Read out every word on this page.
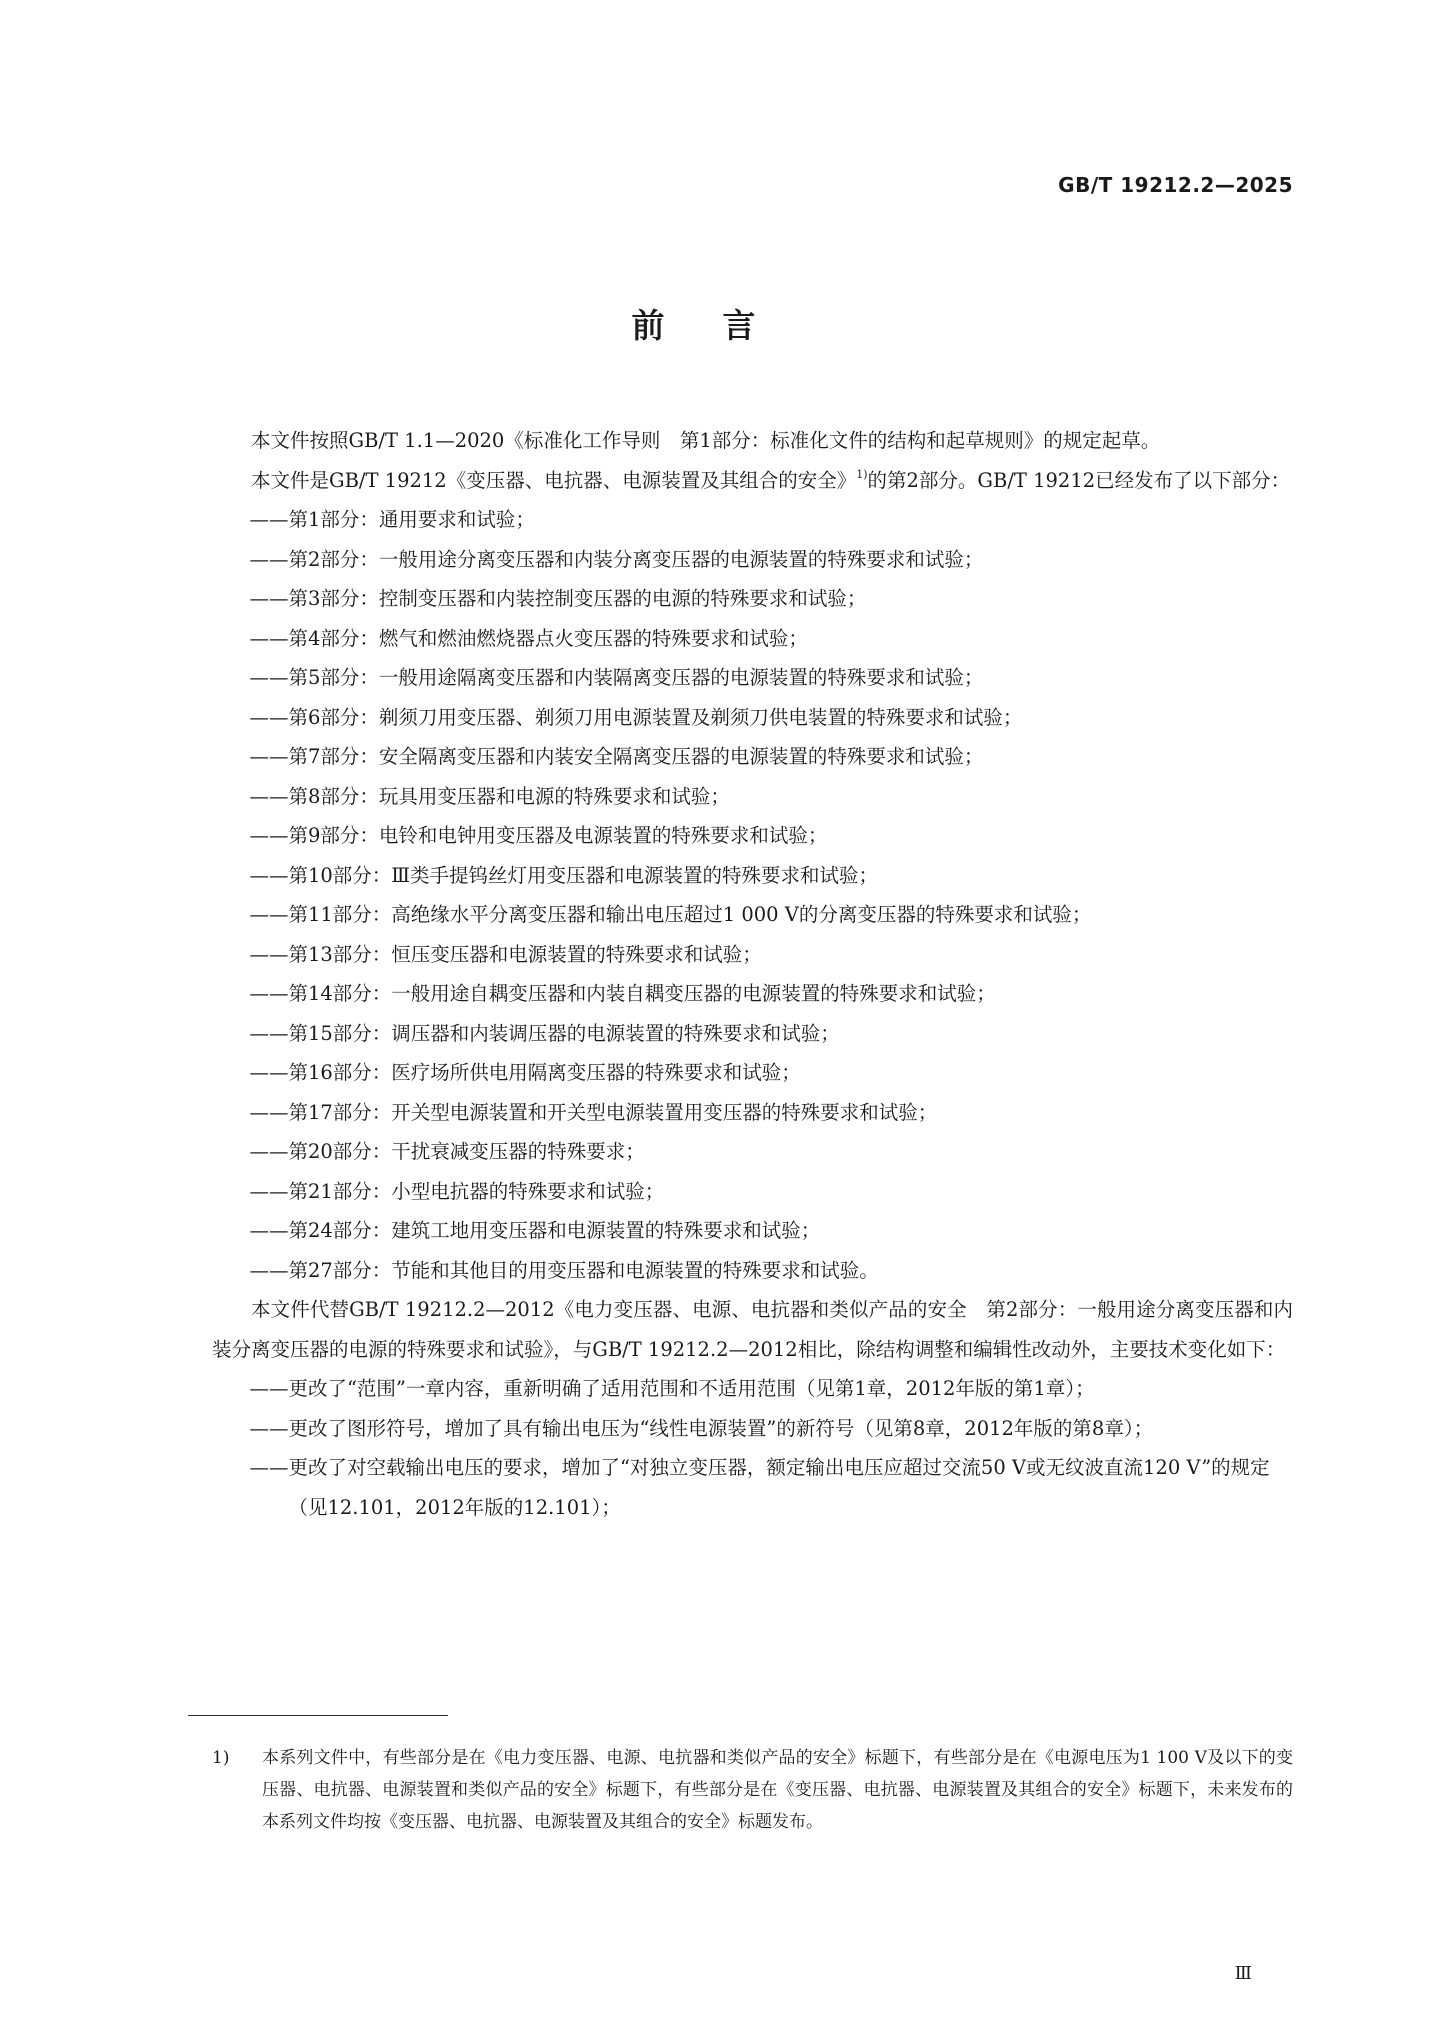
GB/T 19212.2—2025
前言

本文件按照GB/T 1.1—2020《标准化工作导则　第1部分：标准化文件的结构和起草规则》的规定起草。

本文件是GB/T 19212《变压器、电抗器、电源装置及其组合的安全》$^{1)}$的第2部分。GB/T 19212已经发布了以下部分：

——第1部分：通用要求和试验；

——第2部分：一般用途分离变压器和内装分离变压器的电源装置的特殊要求和试验；

——第3部分：控制变压器和内装控制变压器的电源的特殊要求和试验；

——第4部分：燃气和燃油燃烧器点火变压器的特殊要求和试验；

——第5部分：一般用途隔离变压器和内装隔离变压器的电源装置的特殊要求和试验；

——第6部分：剃须刀用变压器、剃须刀用电源装置及剃须刀供电装置的特殊要求和试验；

——第7部分：安全隔离变压器和内装安全隔离变压器的电源装置的特殊要求和试验；

——第8部分：玩具用变压器和电源的特殊要求和试验；

——第9部分：电铃和电钟用变压器及电源装置的特殊要求和试验；

——第10部分：Ⅲ类手提钨丝灯用变压器和电源装置的特殊要求和试验；

——第11部分：高绝缘水平分离变压器和输出电压超过1 000 V的分离变压器的特殊要求和试验；

——第13部分：恒压变压器和电源装置的特殊要求和试验；

——第14部分：一般用途自耦变压器和内装自耦变压器的电源装置的特殊要求和试验；

——第15部分：调压器和内装调压器的电源装置的特殊要求和试验；

——第16部分：医疗场所供电用隔离变压器的特殊要求和试验；

——第17部分：开关型电源装置和开关型电源装置用变压器的特殊要求和试验；

——第20部分：干扰衰减变压器的特殊要求；

——第21部分：小型电抗器的特殊要求和试验；

——第24部分：建筑工地用变压器和电源装置的特殊要求和试验；

——第27部分：节能和其他目的用变压器和电源装置的特殊要求和试验。

本文件代替GB/T 19212.2—2012《电力变压器、电源、电抗器和类似产品的安全　第2部分：一般用途分离变压器和内装分离变压器的电源的特殊要求和试验》，与GB/T 19212.2—2012相比，除结构调整和编辑性改动外，主要技术变化如下：

——更改了“范围”一章内容，重新明确了适用范围和不适用范围（见第1章，2012年版的第1章）；

——更改了图形符号，增加了具有输出电压为“线性电源装置”的新符号（见第8章，2012年版的第8章）；

——更改了对空载输出电压的要求，增加了“对独立变压器，额定输出电压应超过交流50 V或无纹波直流120 V”的规定（见12.101，2012年版的12.101）；

1) 本系列文件中，有些部分是在《电力变压器、电源、电抗器和类似产品的安全》标题下，有些部分是在《电源电压为1 100 V及以下的变压器、电抗器、电源装置和类似产品的安全》标题下，有些部分是在《变压器、电抗器、电源装置及其组合的安全》标题下，未来发布的本系列文件均按《变压器、电抗器、电源装置及其组合的安全》标题发布。
Ⅲ
